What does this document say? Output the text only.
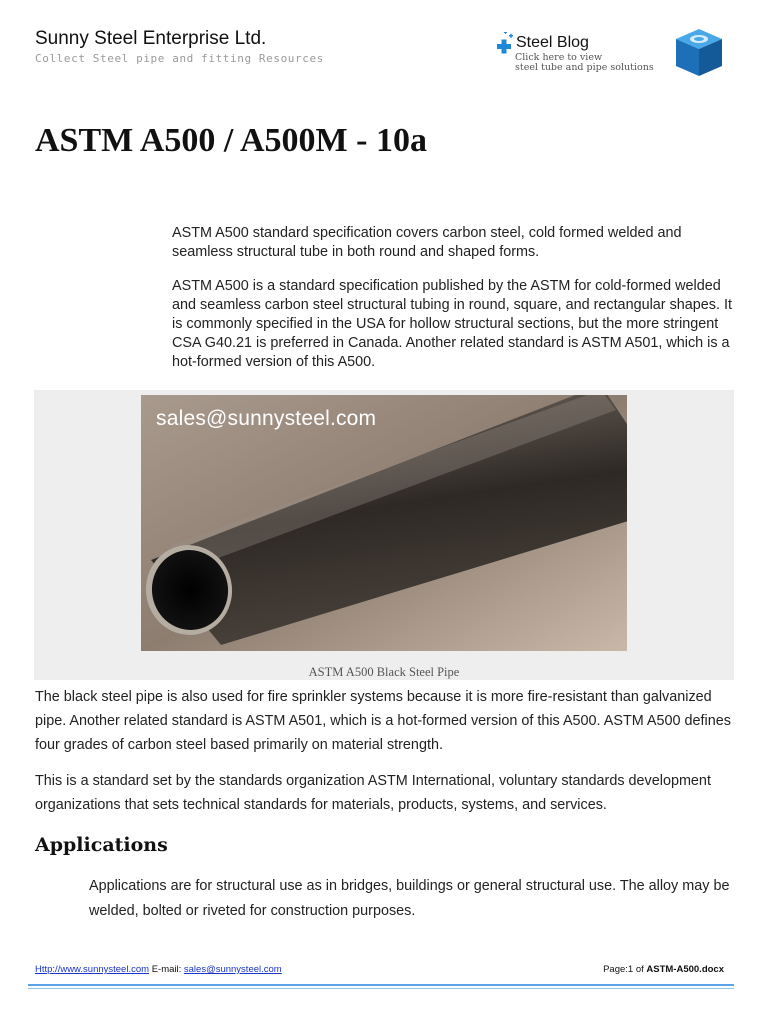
Sunny Steel Enterprise Ltd.
Collect Steel pipe and fitting Resources
Steel Blog
Click here to view
steel tube and pipe solutions
ASTM A500 / A500M - 10a

ASTM A500 standard specification covers carbon steel, cold formed welded and seamless structural tube in both round and shaped forms.

ASTM A500 is a standard specification published by the ASTM for cold-formed welded and seamless carbon steel structural tubing in round, square, and rectangular shapes. It is commonly specified in the USA for hollow structural sections, but the more stringent CSA G40.21 is preferred in Canada. Another related standard is ASTM A501, which is a hot-formed version of this A500.

sales@sunnysteel.com
ASTM A500 Black Steel Pipe
The black steel pipe is also used for fire sprinkler systems because it is more fire-resistant than galvanized pipe. Another related standard is ASTM A501, which is a hot-formed version of this A500. ASTM A500 defines four grades of carbon steel based primarily on material strength.
This is a standard set by the standards organization ASTM International, voluntary standards development organizations that sets technical standards for materials, products, systems, and services.
Applications
Applications are for structural use as in bridges, buildings or general structural use. The alloy may be welded, bolted or riveted for construction purposes.
Http://www.sunnysteel.com E-mail: sales@sunnysteel.com	Page:1 of ASTM-A500.docx
